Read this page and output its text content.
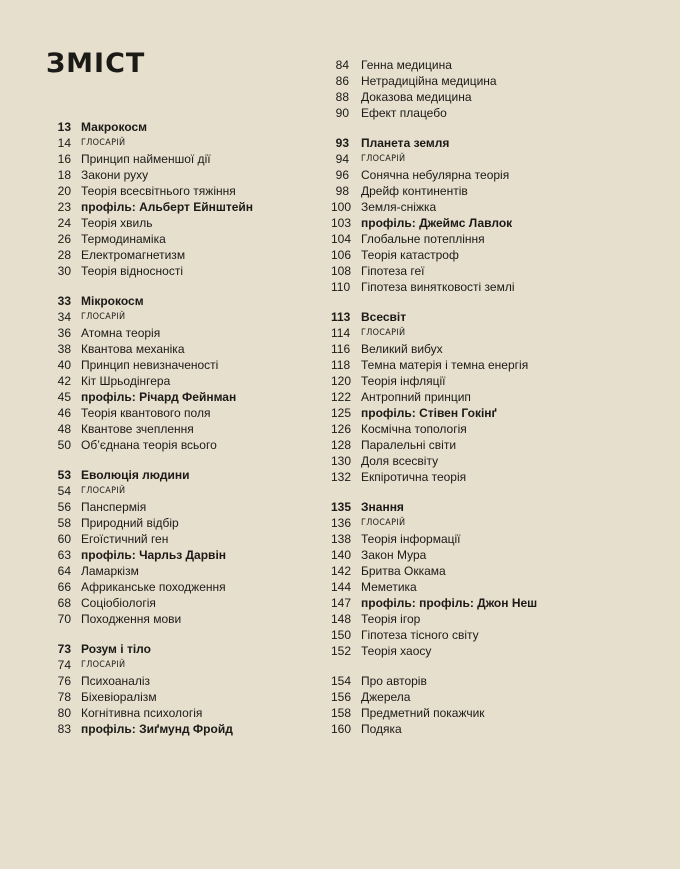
ЗМІСТ
13 Макрокосм
14 ГЛОСАРІЙ
16 Принцип найменшої дії
18 Закони руху
20 Теорія всесвітнього тяжіння
23 профіль: Альберт Ейнштейн
24 Теорія хвиль
26 Термодинаміка
28 Електромагнетизм
30 Теорія відносності
33 Мікрокосм
34 ГЛОСАРІЙ
36 Атомна теорія
38 Квантова механіка
40 Принцип невизначеності
42 Кіт Шрьодінгера
45 профіль: Річард Фейнман
46 Теорія квантового поля
48 Квантове зчеплення
50 Об’єднана теорія всього
53 Еволюція людини
54 ГЛОСАРІЙ
56 Панспермія
58 Природний відбір
60 Егоїстичний ген
63 профіль: Чарльз Дарвін
64 Ламаркізм
66 Африканське походження
68 Соціобіологія
70 Походження мови
73 Розум і тіло
74 ГЛОСАРІЙ
76 Психоаналіз
78 Біхевіоралізм
80 Когнітивна психологія
83 профіль: Зиґмунд Фройд
84 Генна медицина
86 Нетрадиційна медицина
88 Доказова медицина
90 Ефект плацебо
93 Планета земля
94 ГЛОСАРІЙ
96 Сонячна небулярна теорія
98 Дрейф континентів
100 Земля-сніжка
103 профіль: Джеймс Лавлок
104 Глобальне потепління
106 Теорія катастроф
108 Гіпотеза геї
110 Гіпотеза винятковості землі
113 Всесвіт
114 ГЛОСАРІЙ
116 Великий вибух
118 Темна матерія і темна енергія
120 Теорія інфляції
122 Антропний принцип
125 профіль: Стівен Гокінґ
126 Космічна топологія
128 Паралельні світи
130 Доля всесвіту
132 Екпіротична теорія
135 Знання
136 ГЛОСАРІЙ
138 Теорія інформації
140 Закон Мура
142 Бритва Оккама
144 Меметика
147 профіль: профіль: Джон Неш
148 Теорія ігор
150 Гіпотеза тісного світу
152 Теорія хаосу
154 Про авторів
156 Джерела
158 Предметний покажчик
160 Подяка
